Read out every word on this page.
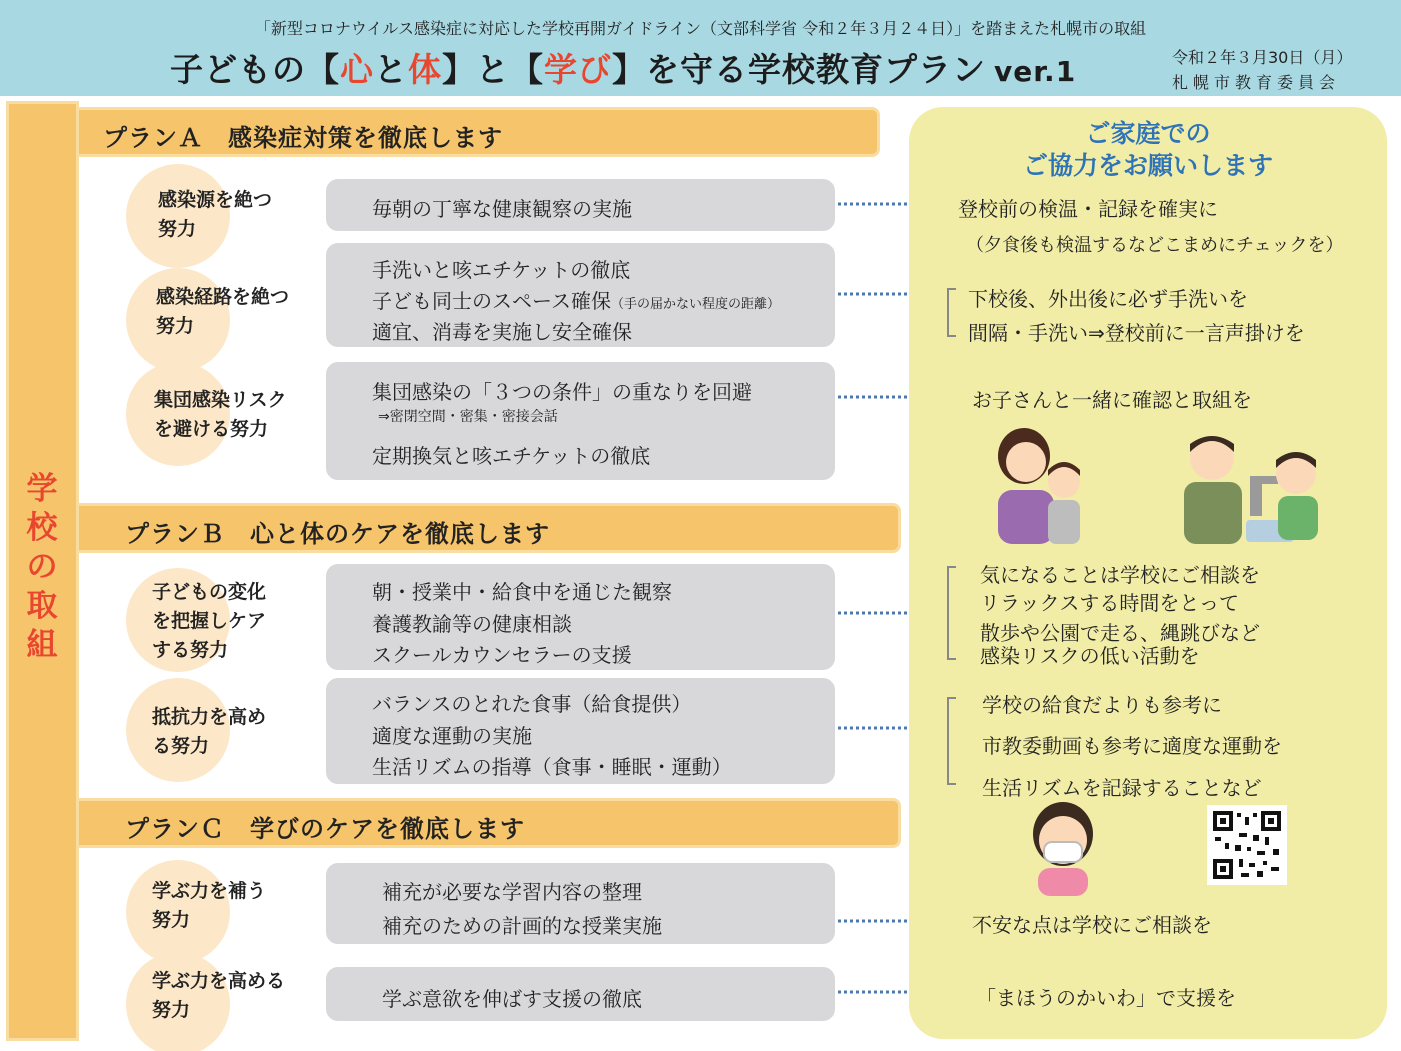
「新型コロナウイルス感染症に対応した学校再開ガイドライン（文部科学省 令和２年３月２４日）」を踏まえた札幌市の取組
子どもの【心と体】と【学び】を守る学校教育プラン ver.1	令和２年３月30日（月）
札幌市教育委員会
学
校
の
取
組
プランＡ　感染症対策を徹底します
プランＢ　心と体のケアを徹底します
プランＣ　学びのケアを徹底します
感染源を絶つ
努力
毎朝の丁寧な健康観察の実施
感染経路を絶つ
努力
手洗いと咳エチケットの徹底
子ども同士のスペース確保（手の届かない程度の距離）
適宜、消毒を実施し安全確保
集団感染リスク
を避ける努力
集団感染の「３つの条件」の重なりを回避
⇒密閉空間・密集・密接会話
定期換気と咳エチケットの徹底
子どもの変化
を把握しケア
する努力
朝・授業中・給食中を通じた観察
養護教諭等の健康相談
スクールカウンセラーの支援
抵抗力を高め
る努力
バランスのとれた食事（給食提供）
適度な運動の実施
生活リズムの指導（食事・睡眠・運動）
学ぶ力を補う
努力
補充が必要な学習内容の整理
補充のための計画的な授業実施
学ぶ力を高める
努力	学ぶ意欲を伸ばす支援の徹底
ご家庭での
ご協力をお願いします
登校前の検温・記録を確実に
（夕食後も検温するなどこまめにチェックを）
下校後、外出後に必ず手洗いを
間隔・手洗い⇒登校前に一言声掛けを
お子さんと一緒に確認と取組を
気になることは学校にご相談を
リラックスする時間をとって
散歩や公園で走る、縄跳びなど
感染リスクの低い活動を
学校の給食だよりも参考に
市教委動画も参考に適度な運動を
生活リズムを記録することなど
不安な点は学校にご相談を
「まほうのかいわ」で支援を
